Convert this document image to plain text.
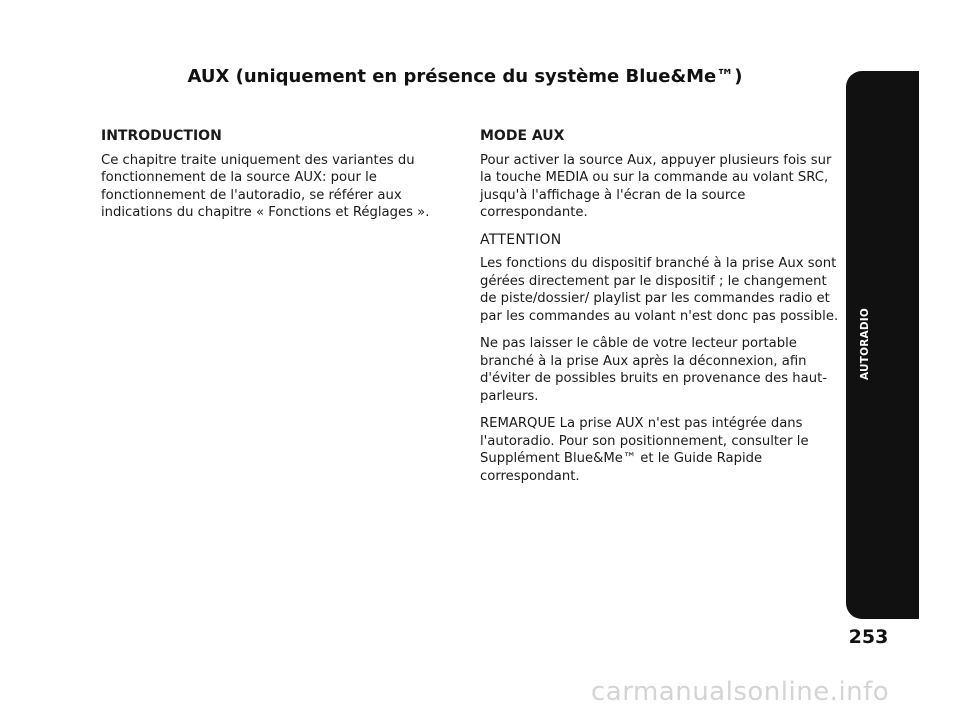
AUX (uniquement en présence du système Blue&Me™)
INTRODUCTION

Ce chapitre traite uniquement des variantes du fonctionnement de la source AUX: pour le fonctionnement de l'autoradio, se référer aux indications du chapitre « Fonctions et Réglages ».

MODE AUX

Pour activer la source Aux, appuyer plusieurs fois sur la touche MEDIA ou sur la commande au volant SRC, jusqu'à l'affichage à l'écran de la source correspondante.

ATTENTION

Les fonctions du dispositif branché à la prise Aux sont gérées directement par le dispositif ; le changement de piste/dossier/ playlist par les commandes radio et par les commandes au volant n'est donc pas possible.

Ne pas laisser le câble de votre lecteur portable branché à la prise Aux après la déconnexion, afin d'éviter de possibles bruits en provenance des haut-parleurs.

REMARQUE La prise AUX n'est pas intégrée dans l'autoradio. Pour son positionnement, consulter le Supplément Blue&Me™ et le Guide Rapide correspondant.

AUTORADIO
253
carmanualsonline.info
